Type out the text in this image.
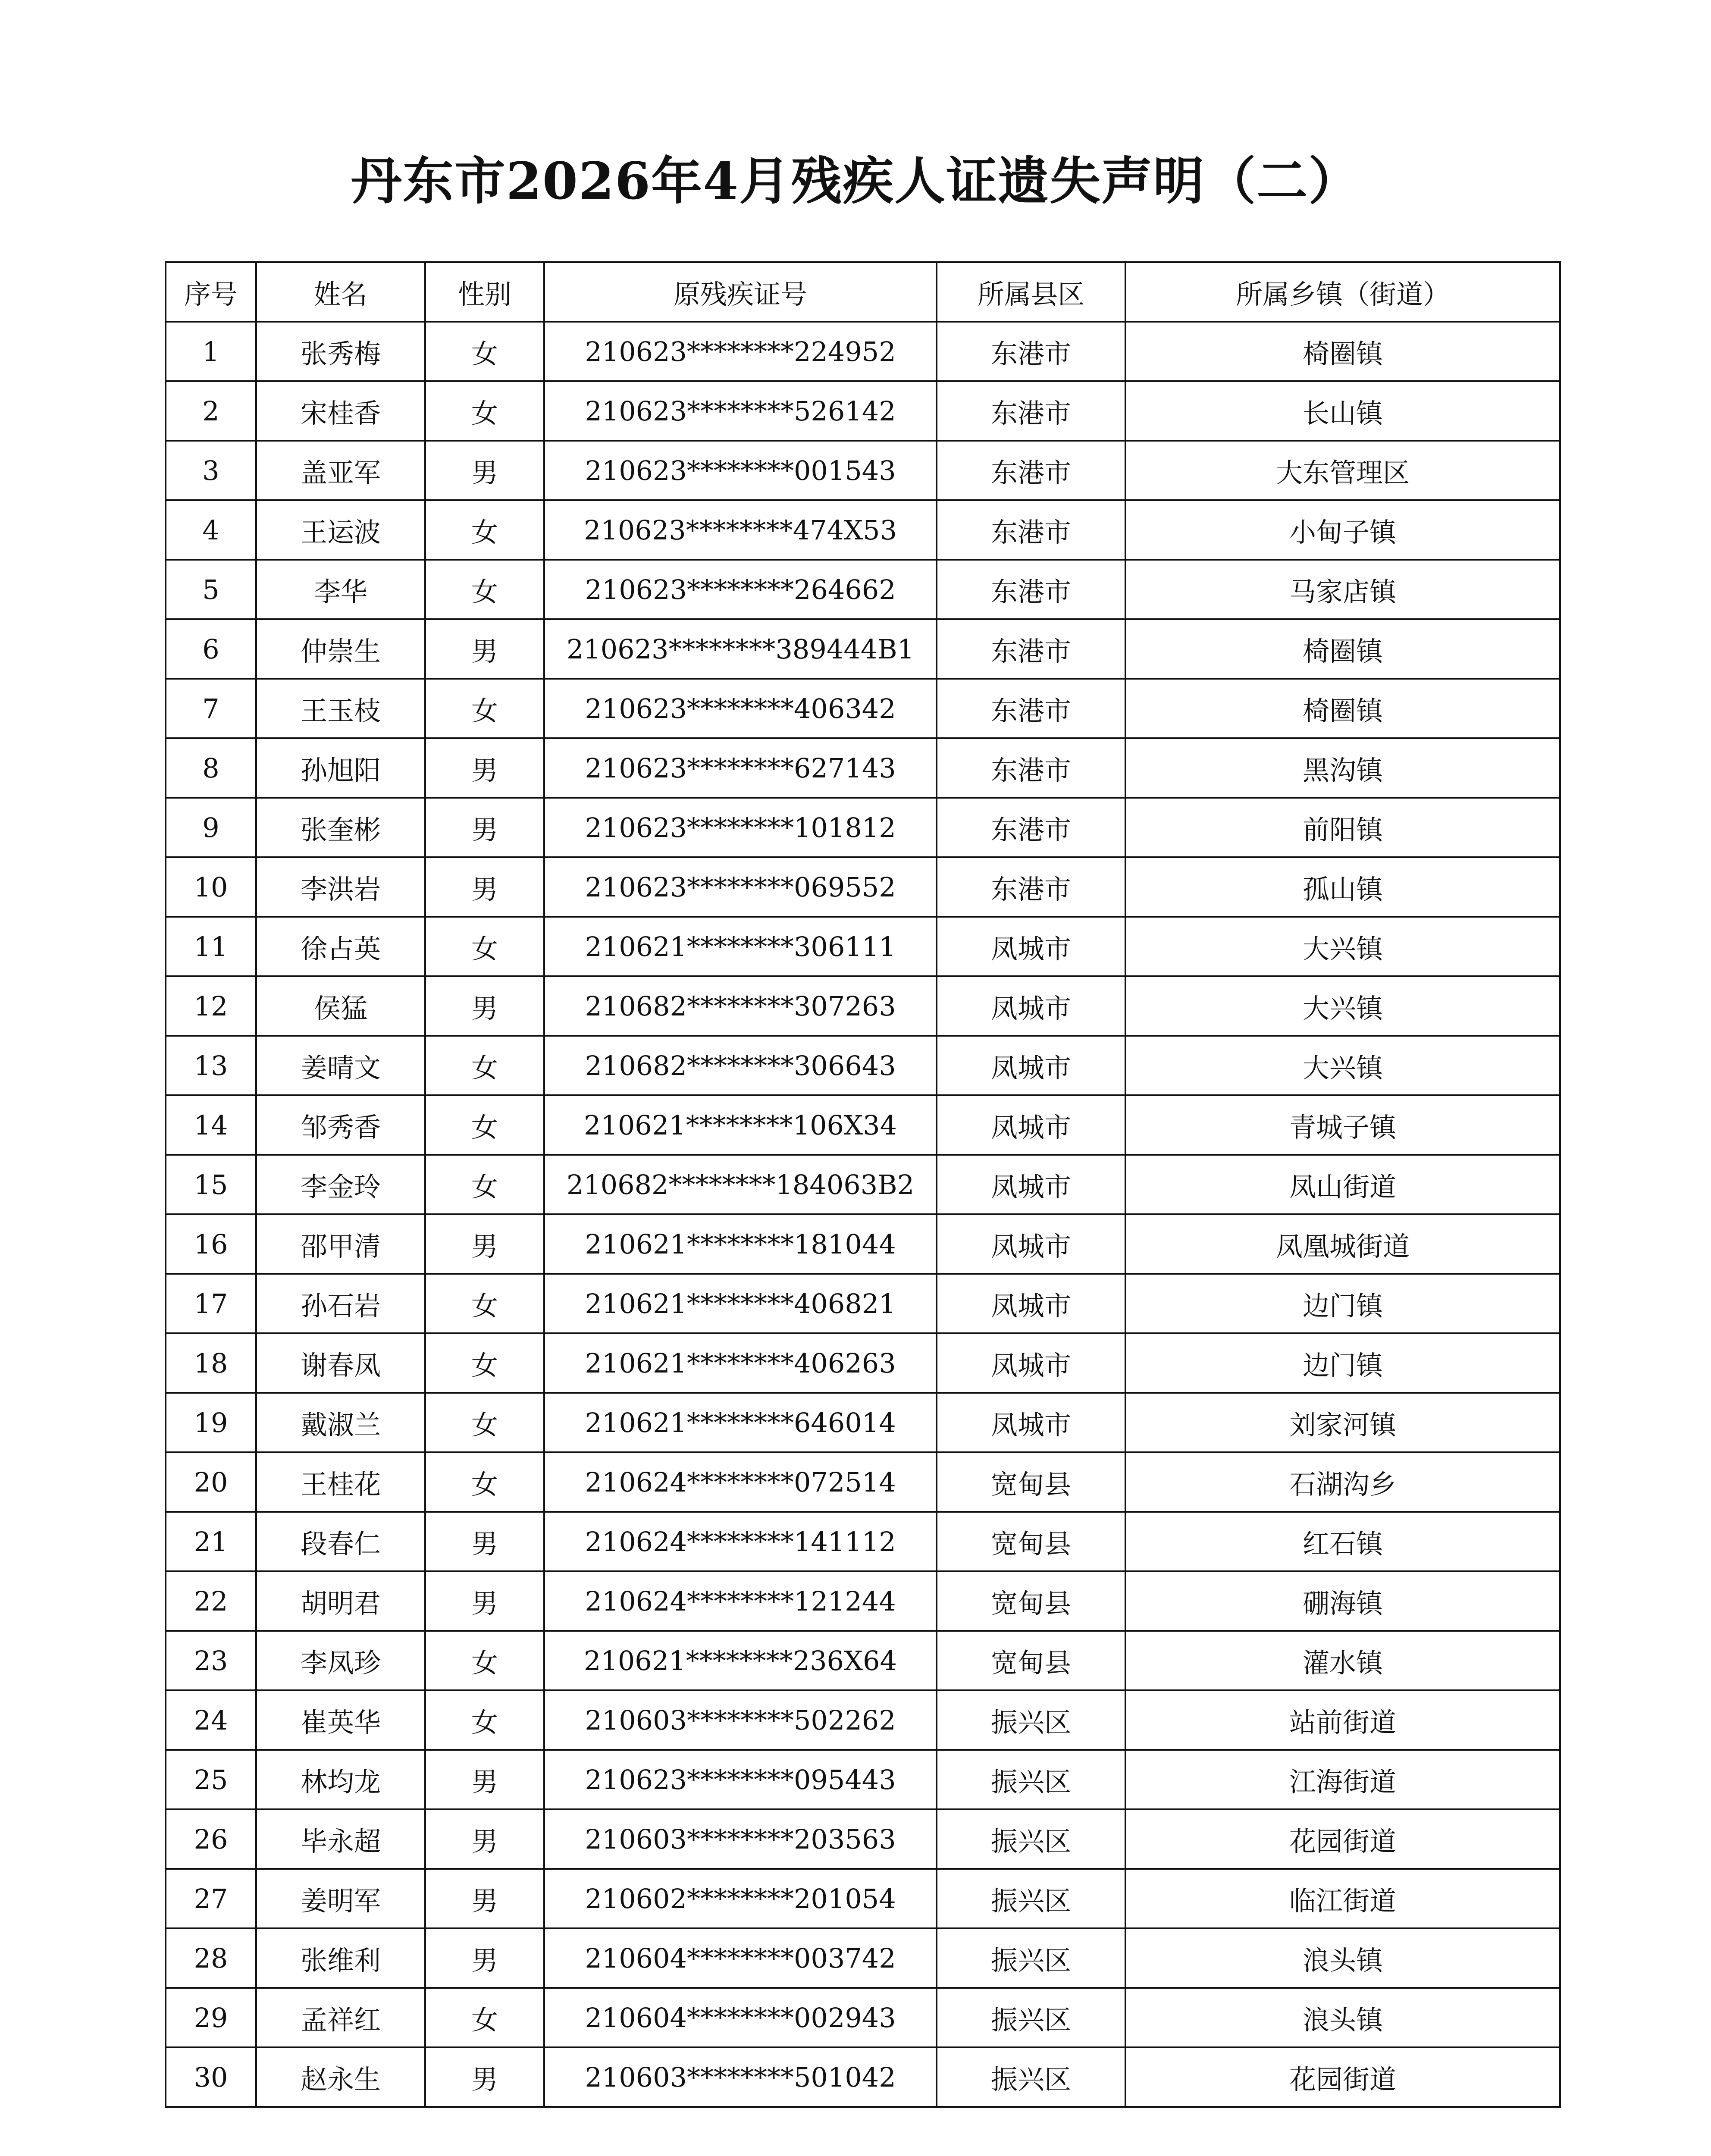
丹东市2026年4月残疾人证遗失声明（二）
序号	姓名	性别	原残疾证号	所属县区	所属乡镇（街道）
1	张秀梅	女	210623********224952	东港市	椅圈镇
2	宋桂香	女	210623********526142	东港市	长山镇
3	盖亚军	男	210623********001543	东港市	大东管理区
4	王运波	女	210623********474X53	东港市	小甸子镇
5	李华	女	210623********264662	东港市	马家店镇
6	仲崇生	男	210623********389444B1	东港市	椅圈镇
7	王玉枝	女	210623********406342	东港市	椅圈镇
8	孙旭阳	男	210623********627143	东港市	黑沟镇
9	张奎彬	男	210623********101812	东港市	前阳镇
10	李洪岩	男	210623********069552	东港市	孤山镇
11	徐占英	女	210621********306111	凤城市	大兴镇
12	侯猛	男	210682********307263	凤城市	大兴镇
13	姜晴文	女	210682********306643	凤城市	大兴镇
14	邹秀香	女	210621********106X34	凤城市	青城子镇
15	李金玲	女	210682********184063B2	凤城市	凤山街道
16	邵甲清	男	210621********181044	凤城市	凤凰城街道
17	孙石岩	女	210621********406821	凤城市	边门镇
18	谢春凤	女	210621********406263	凤城市	边门镇
19	戴淑兰	女	210621********646014	凤城市	刘家河镇
20	王桂花	女	210624********072514	宽甸县	石湖沟乡
21	段春仁	男	210624********141112	宽甸县	红石镇
22	胡明君	男	210624********121244	宽甸县	硼海镇
23	李凤珍	女	210621********236X64	宽甸县	灌水镇
24	崔英华	女	210603********502262	振兴区	站前街道
25	林均龙	男	210623********095443	振兴区	江海街道
26	毕永超	男	210603********203563	振兴区	花园街道
27	姜明军	男	210602********201054	振兴区	临江街道
28	张维利	男	210604********003742	振兴区	浪头镇
29	孟祥红	女	210604********002943	振兴区	浪头镇
30	赵永生	男	210603********501042	振兴区	花园街道
